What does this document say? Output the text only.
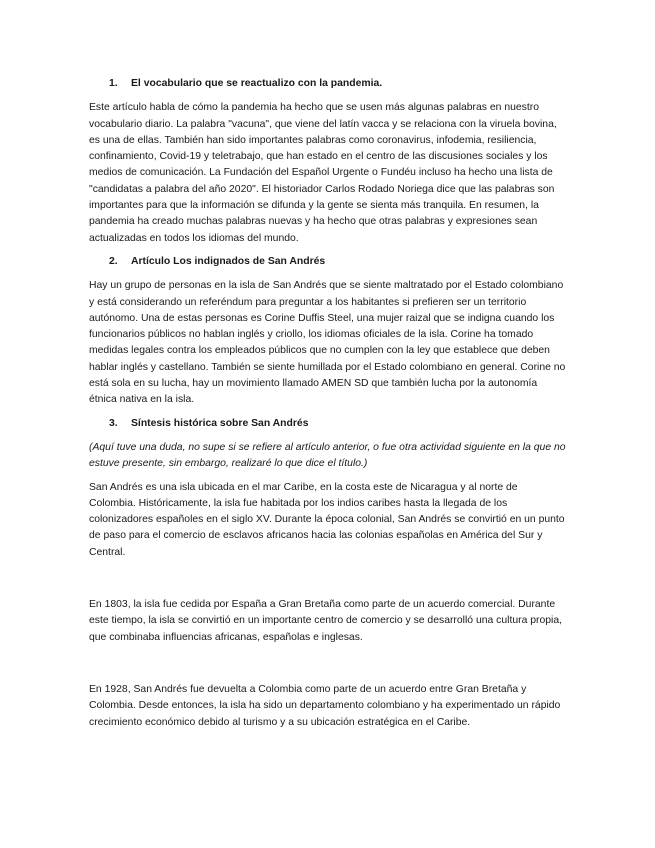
1.	El vocabulario que se reactualizo con la pandemia.

Este artículo habla de cómo la pandemia ha hecho que se usen más algunas palabras en nuestro vocabulario diario. La palabra "vacuna", que viene del latín vacca y se relaciona con la viruela bovina, es una de ellas. También han sido importantes palabras como coronavirus, infodemia, resiliencia, confinamiento, Covid-19 y teletrabajo, que han estado en el centro de las discusiones sociales y los medios de comunicación. La Fundación del Español Urgente o Fundéu incluso ha hecho una lista de "candidatas a palabra del año 2020". El historiador Carlos Rodado Noriega dice que las palabras son importantes para que la información se difunda y la gente se sienta más tranquila. En resumen, la pandemia ha creado muchas palabras nuevas y ha hecho que otras palabras y expresiones sean actualizadas en todos los idiomas del mundo.

2.	Artículo Los indignados de San Andrés

Hay un grupo de personas en la isla de San Andrés que se siente maltratado por el Estado colombiano y está considerando un referéndum para preguntar a los habitantes si prefieren ser un territorio autónomo. Una de estas personas es Corine Duffis Steel, una mujer raizal que se indigna cuando los funcionarios públicos no hablan inglés y criollo, los idiomas oficiales de la isla. Corine ha tomado medidas legales contra los empleados públicos que no cumplen con la ley que establece que deben hablar inglés y castellano. También se siente humillada por el Estado colombiano en general. Corine no está sola en su lucha, hay un movimiento llamado AMEN SD que también lucha por la autonomía étnica nativa en la isla.

3.	Síntesis histórica sobre San Andrés

(Aquí tuve una duda, no supe si se refiere al artículo anterior, o fue otra actividad siguiente en la que no estuve presente, sin embargo, realizaré lo que dice el título.)

San Andrés es una isla ubicada en el mar Caribe, en la costa este de Nicaragua y al norte de Colombia. Históricamente, la isla fue habitada por los indios caribes hasta la llegada de los colonizadores españoles en el siglo XV. Durante la época colonial, San Andrés se convirtió en un punto de paso para el comercio de esclavos africanos hacia las colonias españolas en América del Sur y Central.

En 1803, la isla fue cedida por España a Gran Bretaña como parte de un acuerdo comercial. Durante este tiempo, la isla se convirtió en un importante centro de comercio y se desarrolló una cultura propia, que combinaba influencias africanas, españolas e inglesas.

En 1928, San Andrés fue devuelta a Colombia como parte de un acuerdo entre Gran Bretaña y Colombia. Desde entonces, la isla ha sido un departamento colombiano y ha experimentado un rápido crecimiento económico debido al turismo y a su ubicación estratégica en el Caribe.
